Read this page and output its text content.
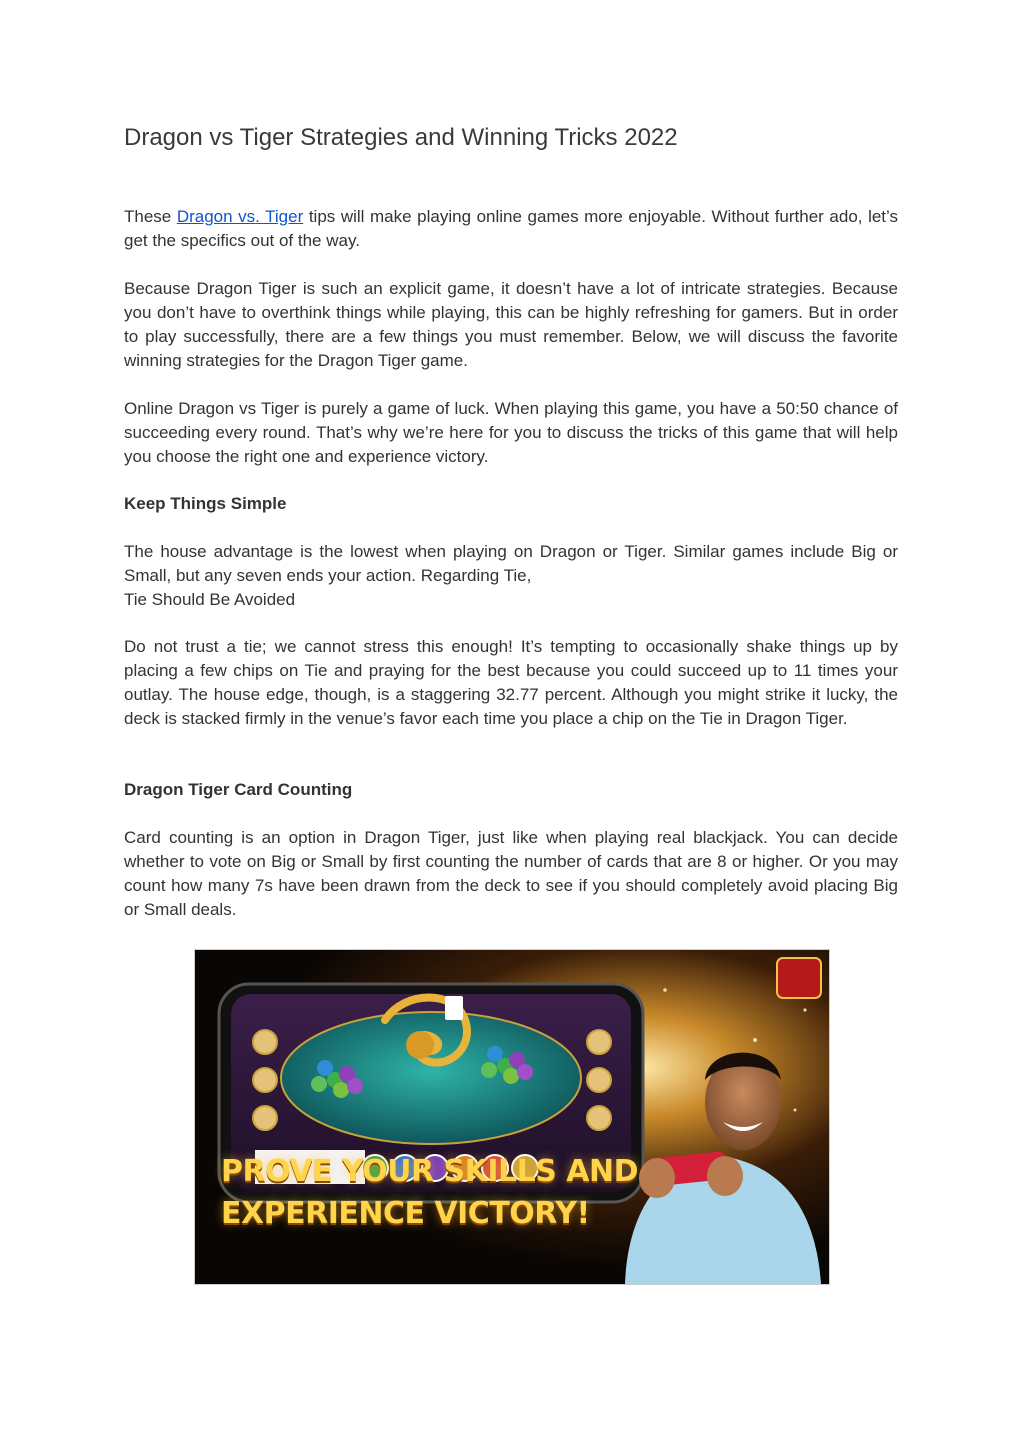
Dragon vs Tiger Strategies and Winning Tricks 2022

These Dragon vs. Tiger tips will make playing online games more enjoyable. Without further ado, let’s get the specifics out of the way.

Because Dragon Tiger is such an explicit game, it doesn’t have a lot of intricate strategies. Because you don’t have to overthink things while playing, this can be highly refreshing for gamers. But in order to play successfully, there are a few things you must remember. Below, we will discuss the favorite winning strategies for the Dragon Tiger game.

Online Dragon vs Tiger is purely a game of luck. When playing this game, you have a 50:50 chance of succeeding every round. That’s why we’re here for you to discuss the tricks of this game that will help you choose the right one and experience victory.

Keep Things Simple

The house advantage is the lowest when playing on Dragon or Tiger. Similar games include Big or Small, but any seven ends your action. Regarding Tie,
Tie Should Be Avoided

Do not trust a tie; we cannot stress this enough! It’s tempting to occasionally shake things up by placing a few chips on Tie and praying for the best because you could succeed up to 11 times your outlay. The house edge, though, is a staggering 32.77 percent. Although you might strike it lucky, the deck is stacked firmly in the venue’s favor each time you place a chip on the Tie in Dragon Tiger.

Dragon Tiger Card Counting

Card counting is an option in Dragon Tiger, just like when playing real blackjack. You can decide whether to vote on Big or Small by first counting the number of cards that are 8 or higher. Or you may count how many 7s have been drawn from the deck to see if you should completely avoid placing Big or Small deals.

PROVE YOUR SKILLS AND
EXPERIENCE VICTORY!
